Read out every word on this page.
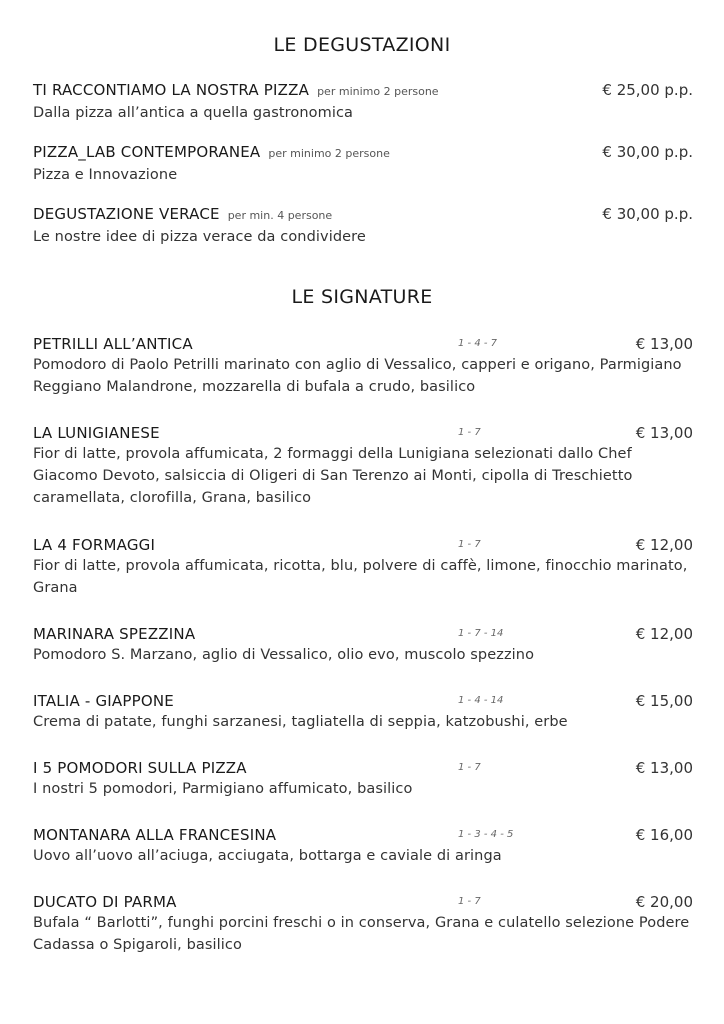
LE DEGUSTAZIONI
TI RACCONTIAMO LA NOSTRA PIZZA per minimo 2 persone	€ 25,00 p.p.
Dalla pizza all’antica a quella gastronomica
PIZZA_LAB CONTEMPORANEA per minimo 2 persone	€ 30,00 p.p.
Pizza e Innovazione
DEGUSTAZIONE VERACE per min. 4 persone	€ 30,00 p.p.
Le nostre idee di pizza verace da condividere
LE SIGNATURE
PETRILLI ALL’ANTICA	1 - 4 - 7	€ 13,00
Pomodoro di Paolo Petrilli marinato con aglio di Vessalico, capperi e origano, Parmigiano Reggiano Malandrone, mozzarella di bufala a crudo, basilico
LA LUNIGIANESE	1 - 7	€ 13,00
Fior di latte, provola affumicata, 2 formaggi della Lunigiana selezionati dallo Chef Giacomo Devoto, salsiccia di Oligeri di San Terenzo ai Monti, cipolla di Treschietto caramellata, clorofilla, Grana, basilico
LA 4 FORMAGGI	1 - 7	€ 12,00
Fior di latte, provola affumicata, ricotta, blu, polvere di caffè, limone, finocchio marinato, Grana
MARINARA SPEZZINA	1 - 7 - 14	€ 12,00
Pomodoro S. Marzano, aglio di Vessalico, olio evo, muscolo spezzino
ITALIA - GIAPPONE	1 - 4 - 14	€ 15,00
Crema di patate, funghi sarzanesi, tagliatella di seppia, katzobushi, erbe
I 5 POMODORI SULLA PIZZA	1 - 7	€ 13,00
I nostri 5 pomodori, Parmigiano affumicato, basilico
MONTANARA ALLA FRANCESINA	1 - 3 - 4 - 5	€ 16,00
Uovo all’uovo all’aciuga, acciugata, bottarga e caviale di aringa
DUCATO DI PARMA	1 - 7	€ 20,00
Bufala “ Barlotti”, funghi porcini freschi o in conserva, Grana e culatello selezione Podere Cadassa o Spigaroli, basilico
